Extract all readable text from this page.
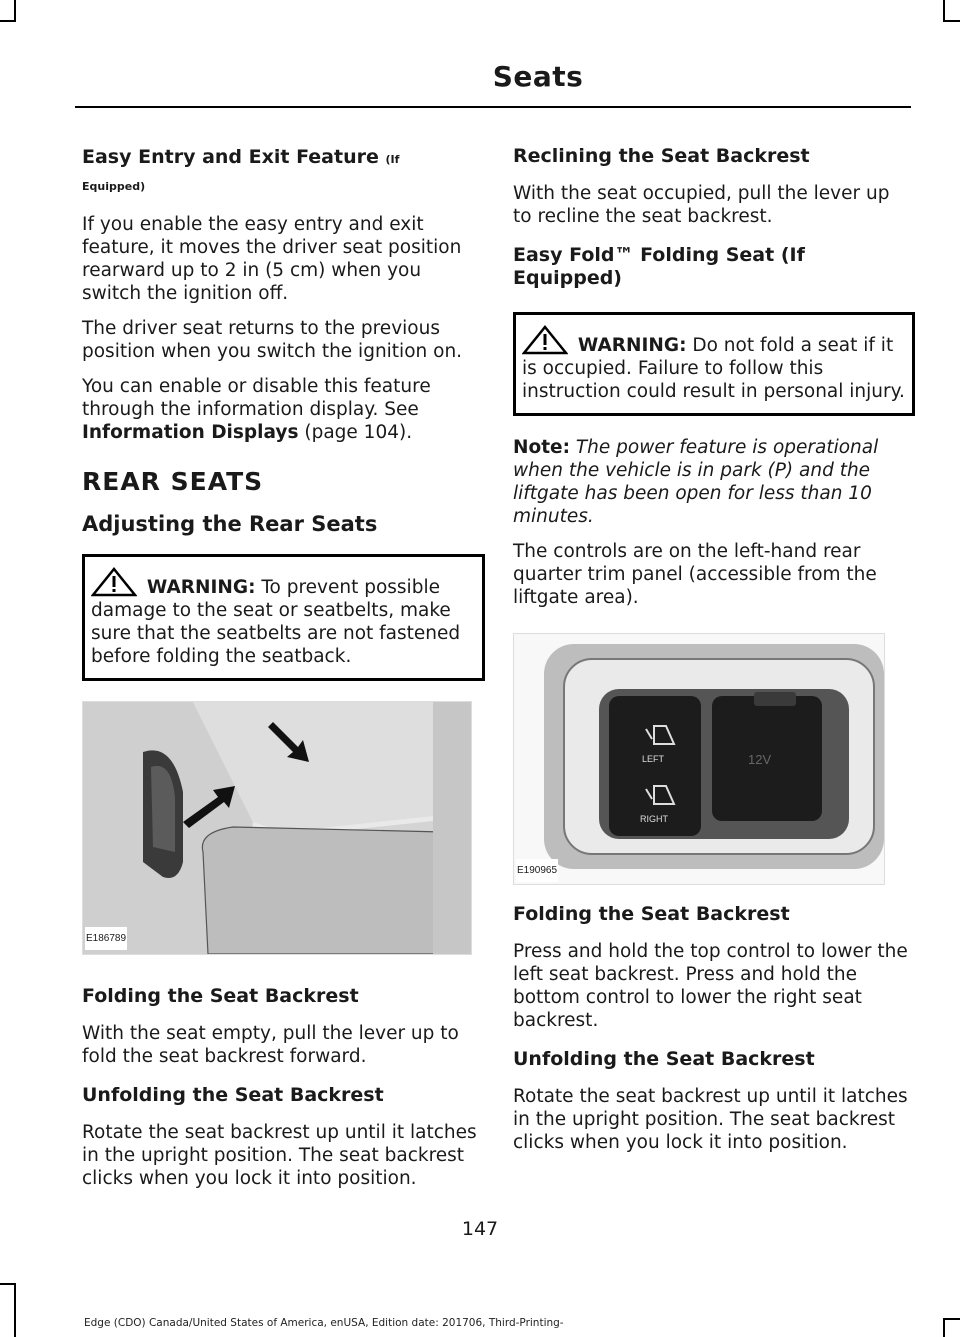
Seats
Easy Entry and Exit Feature (If
Equipped)

If you enable the easy entry and exit feature, it moves the driver seat position rearward up to 2 in (5 cm) when you switch the ignition off.

The driver seat returns to the previous position when you switch the ignition on.

You can enable or disable this feature through the information display. See Information Displays (page 104).

REAR SEATS
Adjusting the Rear Seats
WARNING: To prevent possible damage to the seat or seatbelts, make sure that the seatbelts are not fastened before folding the seatback.
E186789
Folding the Seat Backrest

With the seat empty, pull the lever up to fold the seat backrest forward.

Unfolding the Seat Backrest

Rotate the seat backrest up until it latches in the upright position. The seat backrest clicks when you lock it into position.

Reclining the Seat Backrest

With the seat occupied, pull the lever up to recline the seat backrest.

Easy Fold™ Folding Seat (If Equipped)
WARNING: Do not fold a seat if it is occupied. Failure to follow this instruction could result in personal injury.

Note: The power feature is operational when the vehicle is in park (P) and the liftgate has been open for less than 10 minutes.

The controls are on the left-hand rear quarter trim panel (accessible from the liftgate area).

LEFT
RIGHT
12V
E190965
Folding the Seat Backrest

Press and hold the top control to lower the left seat backrest. Press and hold the bottom control to lower the right seat backrest.

Unfolding the Seat Backrest

Rotate the seat backrest up until it latches in the upright position. The seat backrest clicks when you lock it into position.

147
Edge (CDO) Canada/United States of America, enUSA, Edition date: 201706, Third-Printing-
